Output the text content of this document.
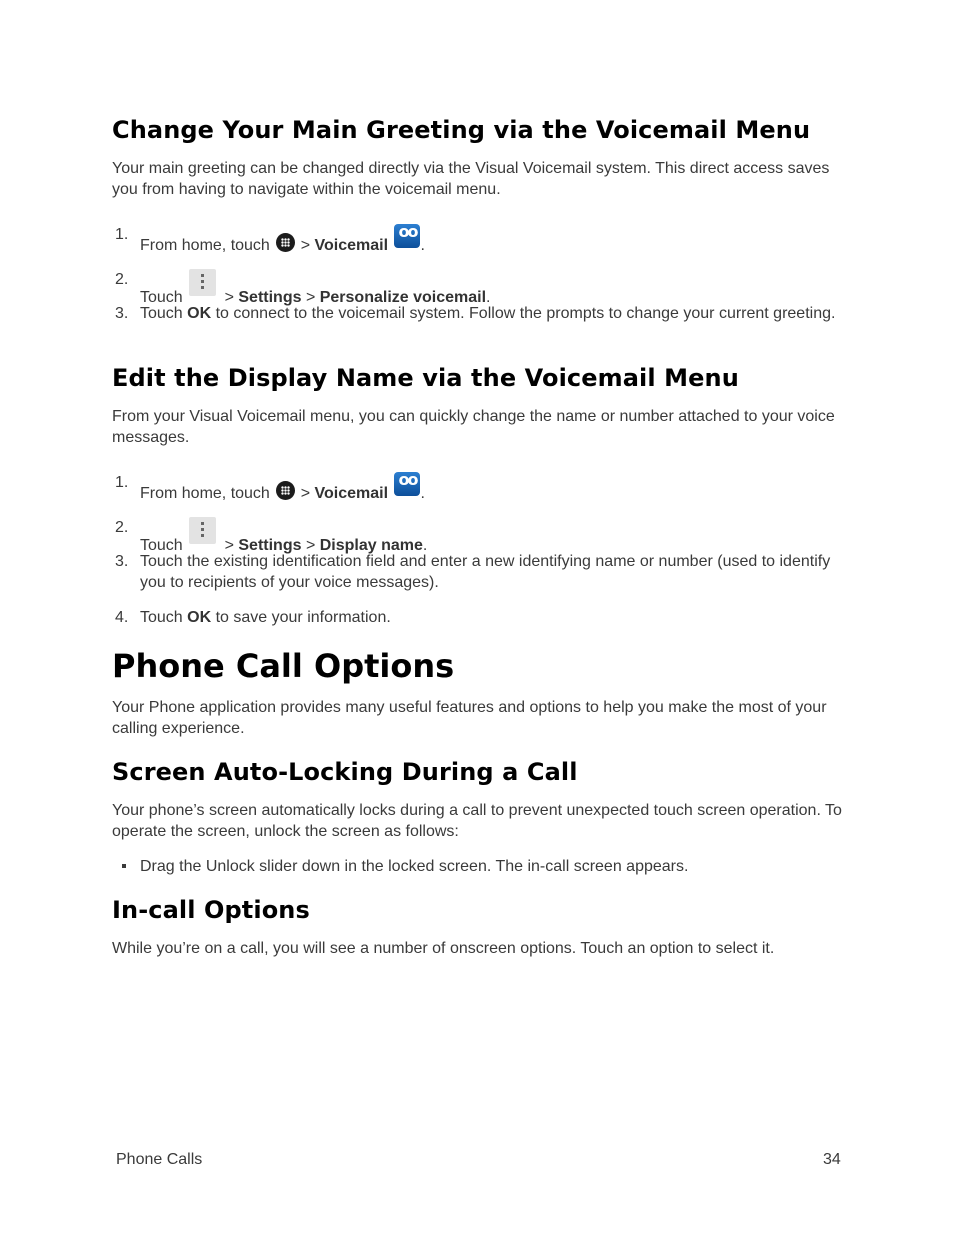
Change Your Main Greeting via the Voicemail Menu

Your main greeting can be changed directly via the Visual Voicemail system. This direct access saves you from having to navigate within the voicemail menu.

1.
From home, touch  > Voicemail oo .
2.
Touch  > Settings > Personalize voicemail.
3. Touch OK to connect to the voicemail system. Follow the prompts to change your current greeting.
Edit the Display Name via the Voicemail Menu

From your Visual Voicemail menu, you can quickly change the name or number attached to your voice messages.

1.
From home, touch  > Voicemail oo .
2.
Touch  > Settings > Display name.
3. Touch the existing identification field and enter a new identifying name or number (used to identify you to recipients of your voice messages).
4. Touch OK to save your information.
Phone Call Options

Your Phone application provides many useful features and options to help you make the most of your calling experience.

Screen Auto-Locking During a Call

Your phone’s screen automatically locks during a call to prevent unexpected touch screen operation. To operate the screen, unlock the screen as follows:

Drag the Unlock slider down in the locked screen. The in-call screen appears.
In-call Options

While you’re on a call, you will see a number of onscreen options. Touch an option to select it.

Phone Calls	34
